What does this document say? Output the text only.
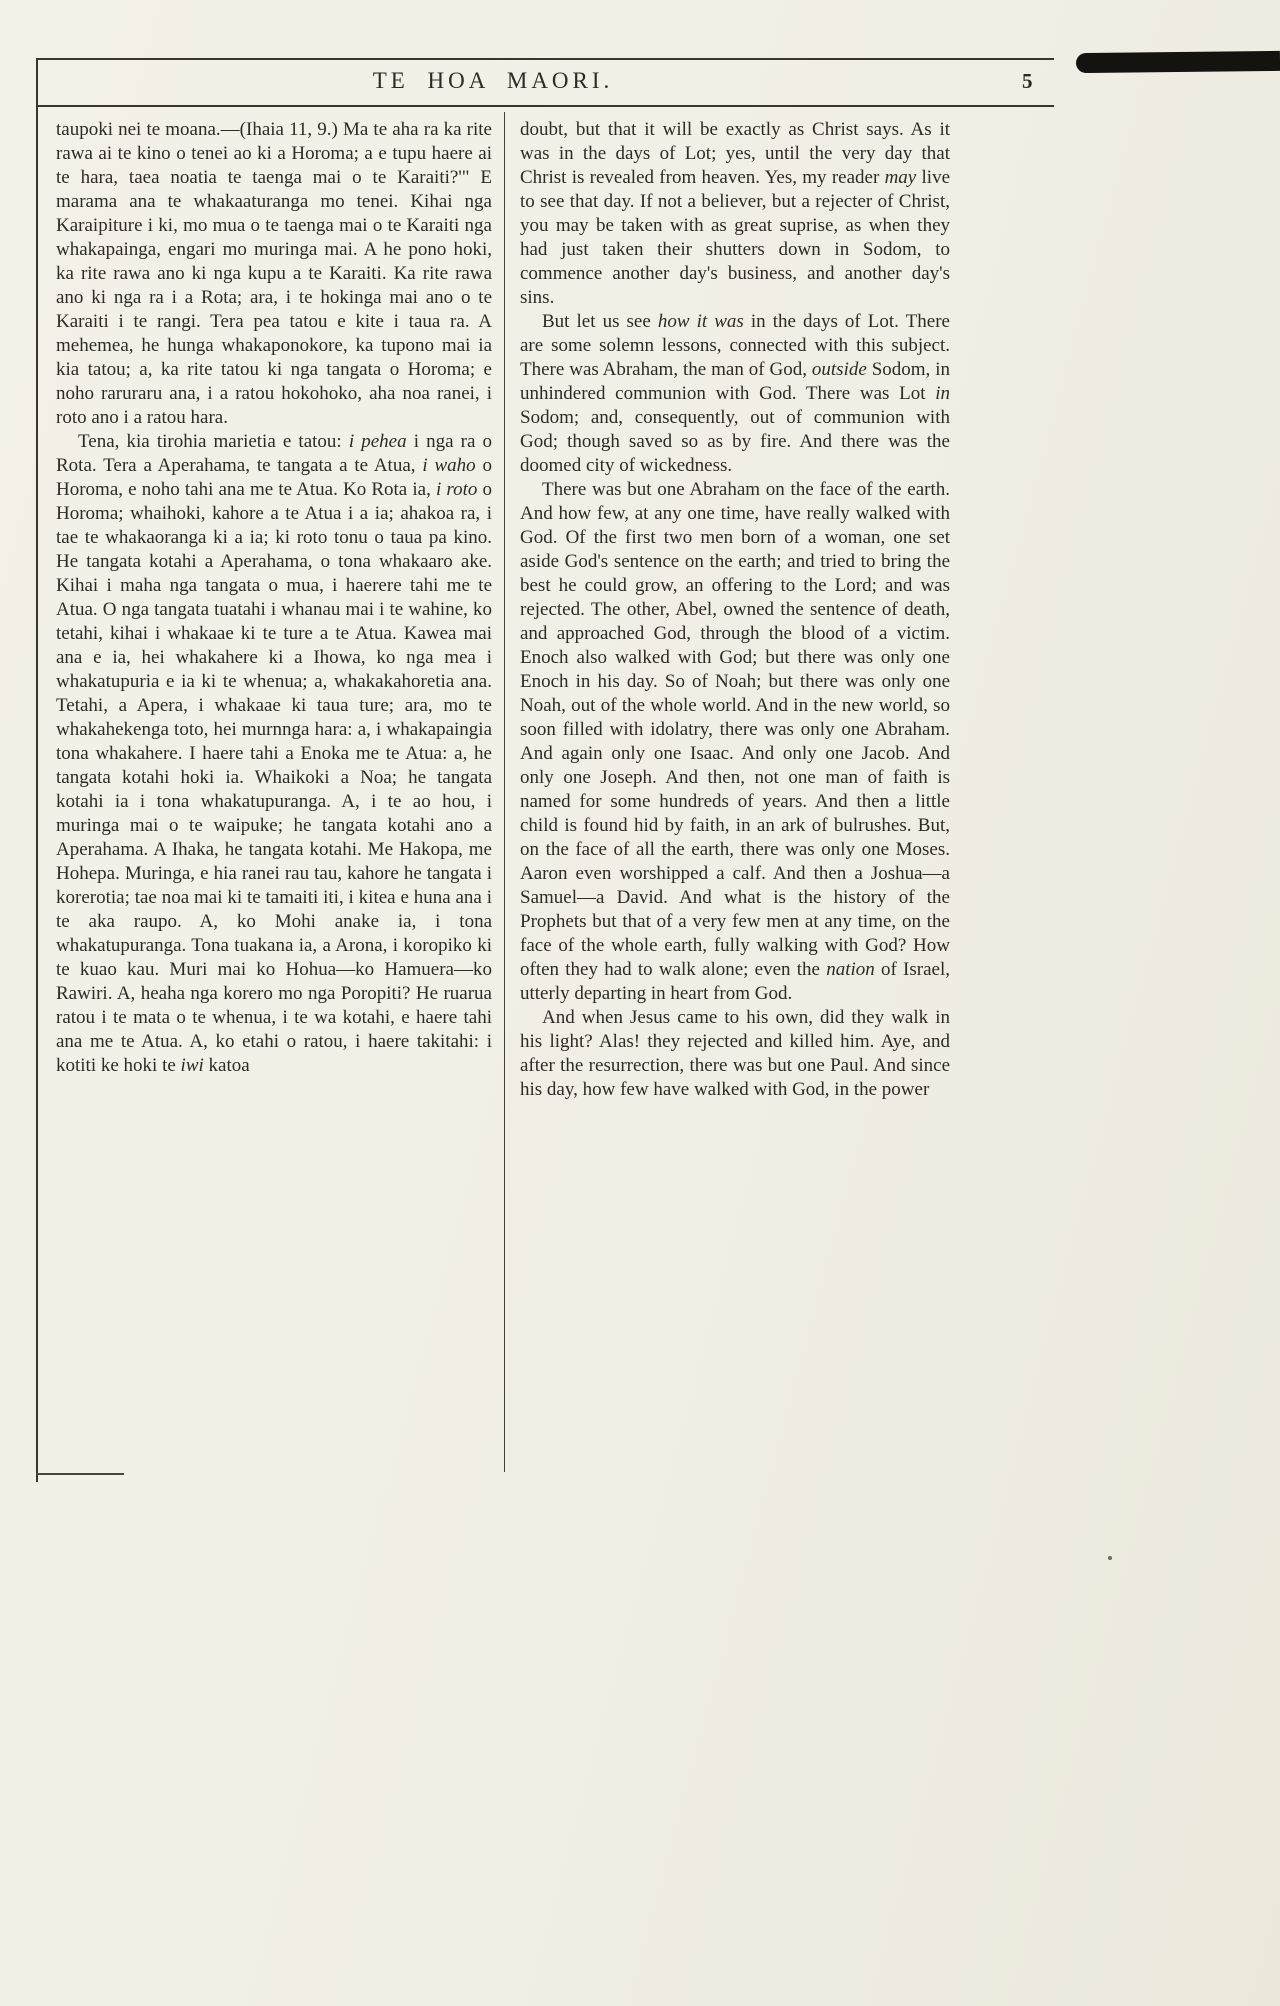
TE HOA MAORI.	5

taupoki nei te moana.—(Ihaia 11, 9.) Ma te aha ra ka rite rawa ai te kino o tenei ao ki a Horoma; a e tupu haere ai te hara, taea noatia te taenga mai o te Karaiti?'" E marama ana te whakaaturanga mo tenei. Kihai nga Karaipiture i ki, mo mua o te taenga mai o te Karaiti nga whakapainga, engari mo muringa mai. A he pono hoki, ka rite rawa ano ki nga kupu a te Karaiti. Ka rite rawa ano ki nga ra i a Rota; ara, i te hokinga mai ano o te Karaiti i te rangi. Tera pea tatou e kite i taua ra. A mehemea, he hunga whakaponokore, ka tupono mai ia kia tatou; a, ka rite tatou ki nga tangata o Horoma; e noho raruraru ana, i a ratou hokohoko, aha noa ranei, i roto ano i a ratou hara.

Tena, kia tirohia marietia e tatou: i pehea i nga ra o Rota. Tera a Aperahama, te tangata a te Atua, i waho o Horoma, e noho tahi ana me te Atua. Ko Rota ia, i roto o Horoma; whaihoki, kahore a te Atua i a ia; ahakoa ra, i tae te whakaoranga ki a ia; ki roto tonu o taua pa kino. He tangata kotahi a Aperahama, o tona whakaaro ake. Kihai i maha nga tangata o mua, i haerere tahi me te Atua. O nga tangata tuatahi i whanau mai i te wahine, ko tetahi, kihai i whakaae ki te ture a te Atua. Kawea mai ana e ia, hei whakahere ki a Ihowa, ko nga mea i whakatupuria e ia ki te whenua; a, whakakahoretia ana. Tetahi, a Apera, i whakaae ki taua ture; ara, mo te whakahekenga toto, hei murnnga hara: a, i whakapaingia tona whakahere. I haere tahi a Enoka me te Atua: a, he tangata kotahi hoki ia. Whaikoki a Noa; he tangata kotahi ia i tona whakatupuranga. A, i te ao hou, i muringa mai o te waipuke; he tangata kotahi ano a Aperahama. A Ihaka, he tangata kotahi. Me Hakopa, me Hohepa. Muringa, e hia ranei rau tau, kahore he tangata i korerotia; tae noa mai ki te tamaiti iti, i kitea e huna ana i te aka raupo. A, ko Mohi anake ia, i tona whakatupuranga. Tona tuakana ia, a Arona, i koropiko ki te kuao kau. Muri mai ko Hohua—ko Hamuera—ko Rawiri. A, heaha nga korero mo nga Poropiti? He ruarua ratou i te mata o te whenua, i te wa kotahi, e haere tahi ana me te Atua. A, ko etahi o ratou, i haere takitahi: i kotiti ke hoki te iwi katoa

doubt, but that it will be exactly as Christ says. As it was in the days of Lot; yes, until the very day that Christ is revealed from heaven. Yes, my reader may live to see that day. If not a believer, but a rejecter of Christ, you may be taken with as great suprise, as when they had just taken their shutters down in Sodom, to commence another day's business, and another day's sins.

But let us see how it was in the days of Lot. There are some solemn lessons, connected with this subject. There was Abraham, the man of God, outside Sodom, in unhindered communion with God. There was Lot in Sodom; and, consequently, out of communion with God; though saved so as by fire. And there was the doomed city of wickedness.

There was but one Abraham on the face of the earth. And how few, at any one time, have really walked with God. Of the first two men born of a woman, one set aside God's sentence on the earth; and tried to bring the best he could grow, an offering to the Lord; and was rejected. The other, Abel, owned the sentence of death, and approached God, through the blood of a victim. Enoch also walked with God; but there was only one Enoch in his day. So of Noah; but there was only one Noah, out of the whole world. And in the new world, so soon filled with idolatry, there was only one Abraham. And again only one Isaac. And only one Jacob. And only one Joseph. And then, not one man of faith is named for some hundreds of years. And then a little child is found hid by faith, in an ark of bulrushes. But, on the face of all the earth, there was only one Moses. Aaron even worshipped a calf. And then a Joshua—a Samuel—a David. And what is the history of the Prophets but that of a very few men at any time, on the face of the whole earth, fully walking with God? How often they had to walk alone; even the nation of Israel, utterly departing in heart from God.

And when Jesus came to his own, did they walk in his light? Alas! they rejected and killed him. Aye, and after the resurrection, there was but one Paul. And since his day, how few have walked with God, in the power
